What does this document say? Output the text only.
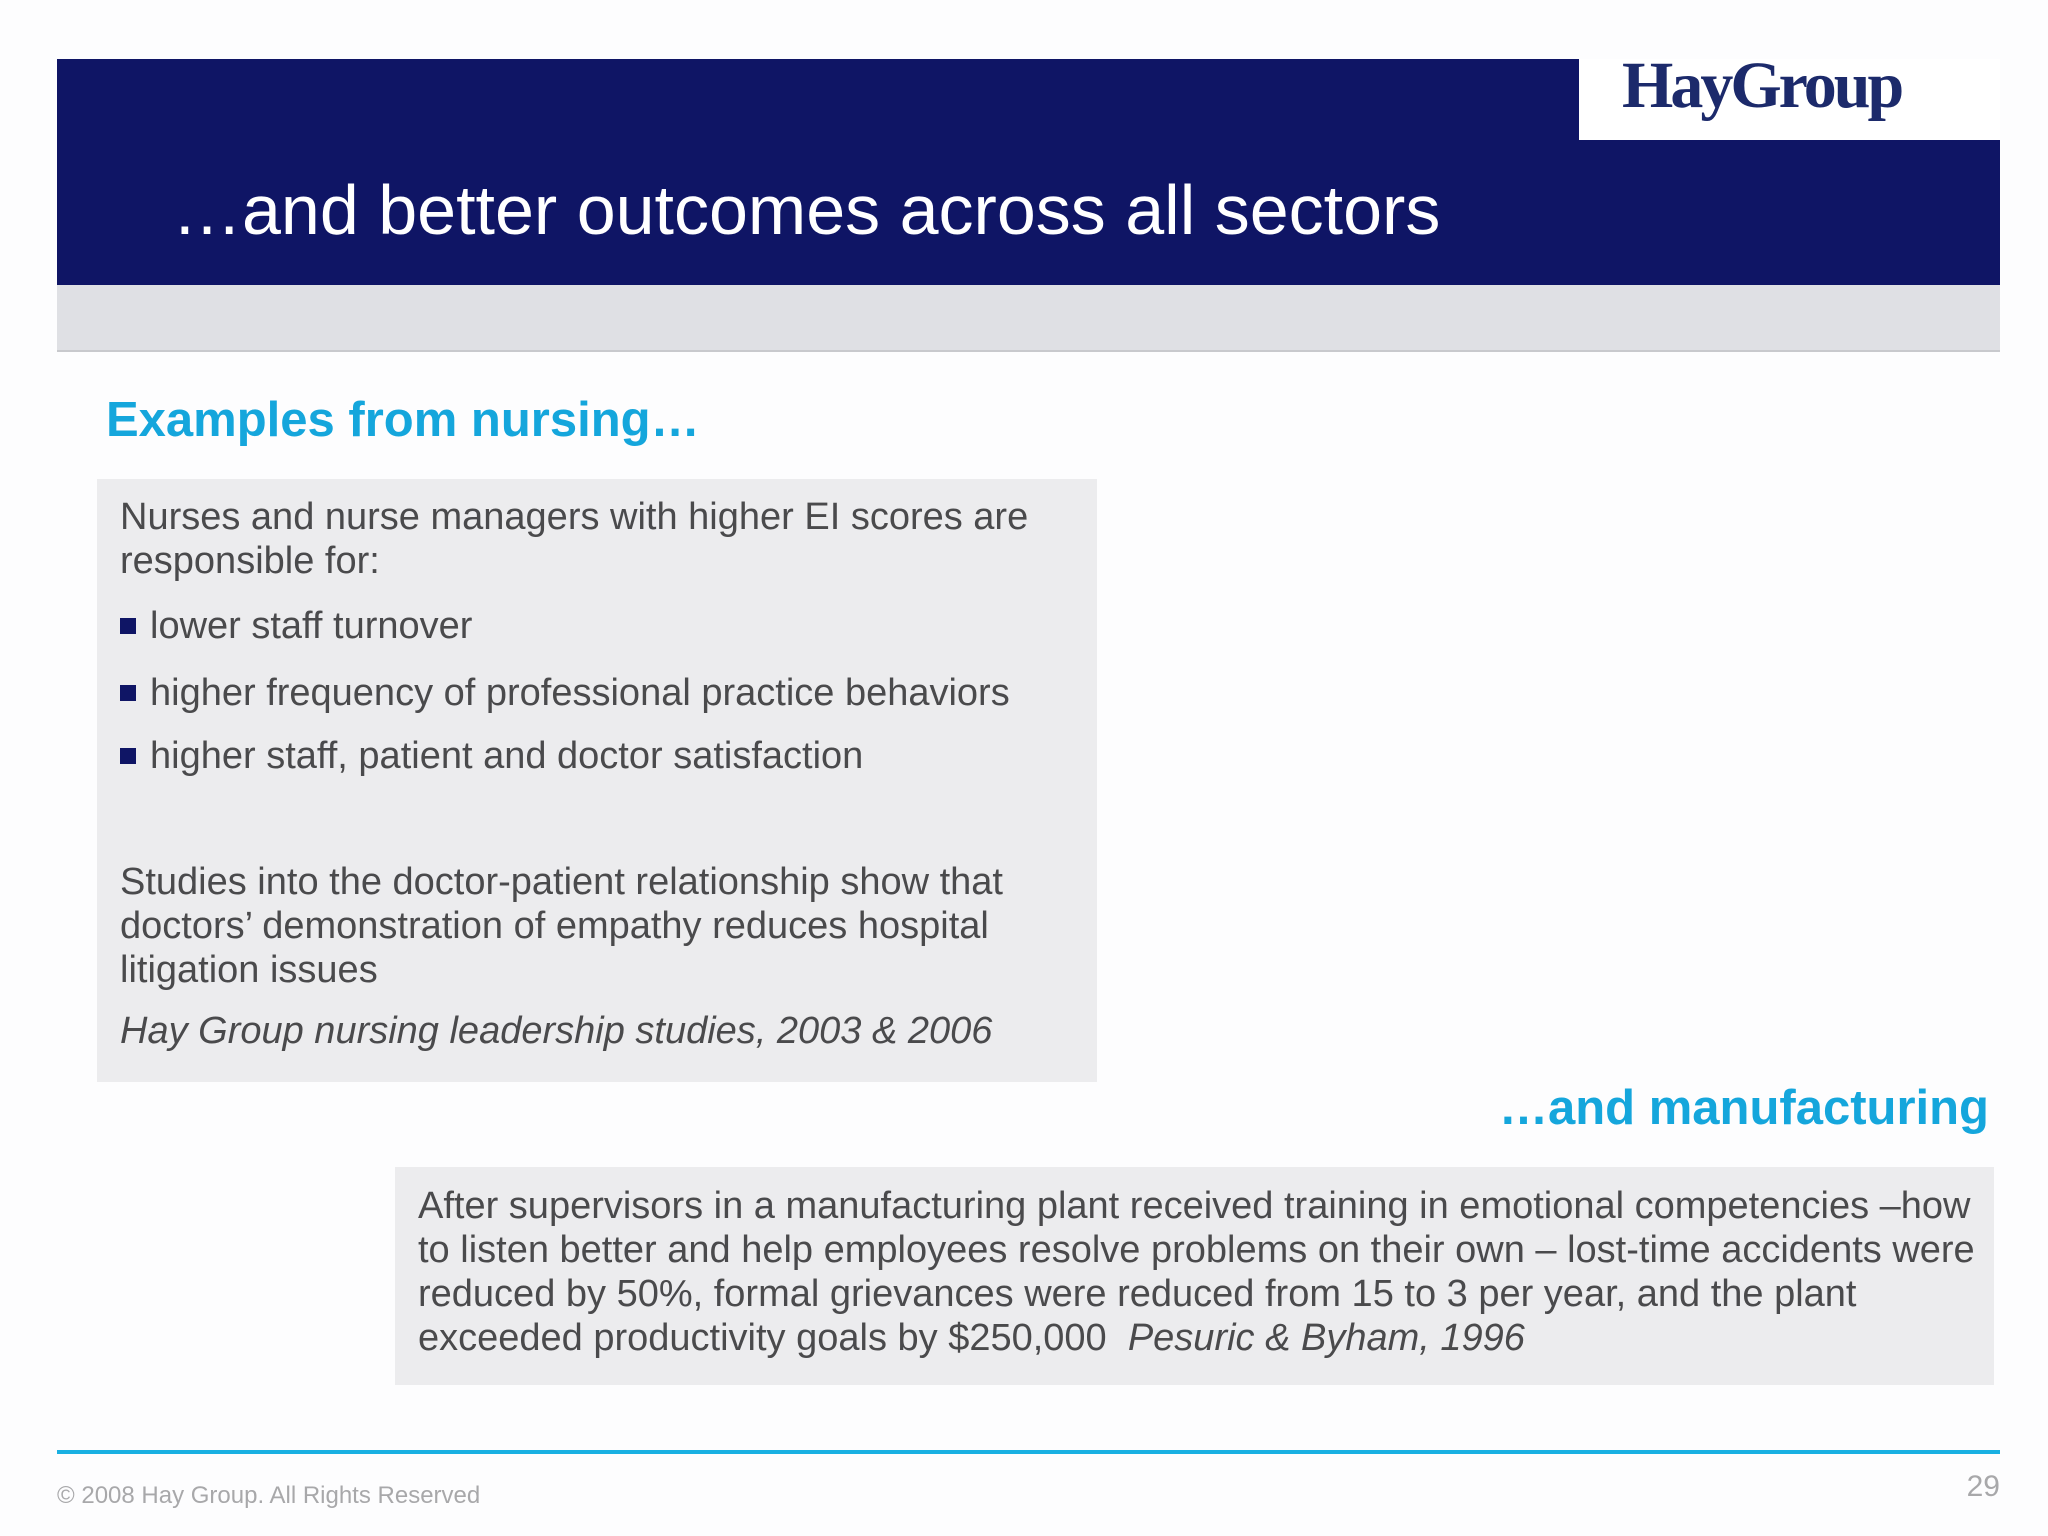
HayGroup
…and better outcomes across all sectors
Examples from nursing…
Nurses and nurse managers with higher EI scores are responsible for:
lower staff turnover
higher frequency of professional practice behaviors
higher staff, patient and doctor satisfaction
Studies into the doctor-patient relationship show that doctors’ demonstration of empathy reduces hospital litigation issues
Hay Group nursing leadership studies, 2003 & 2006
…and manufacturing
After supervisors in a manufacturing plant received training in emotional competencies –how to listen better and help employees resolve problems on their own – lost-time accidents were reduced by 50%, formal grievances were reduced from 15 to 3 per year, and the plant exceeded productivity goals by $250,000 Pesuric & Byham, 1996
© 2008 Hay Group. All Rights Reserved	29
